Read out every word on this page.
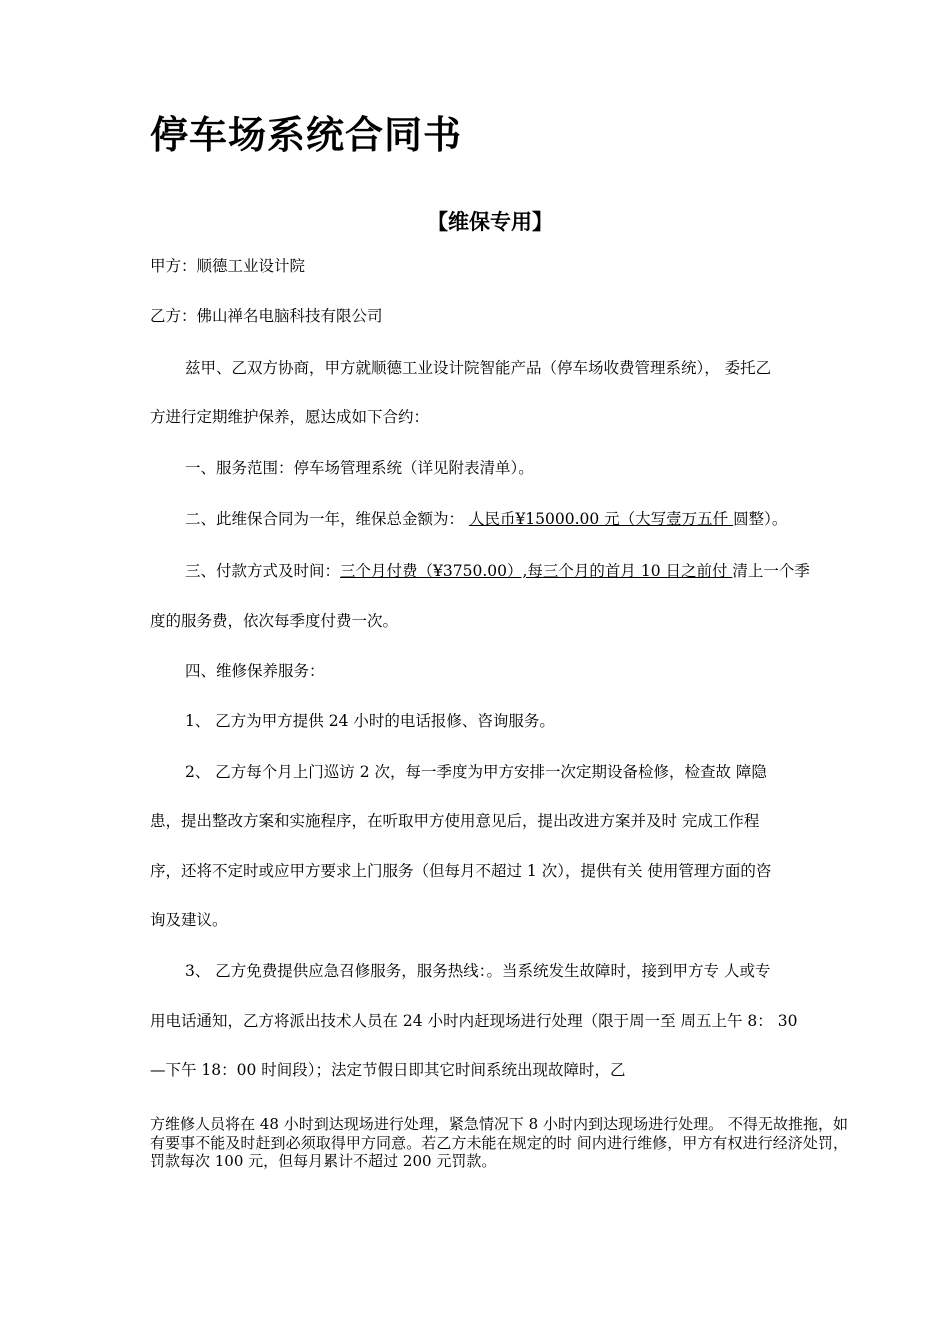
停车场系统合同书
【维保专用】

甲方：顺德工业设计院

乙方：佛山禅名电脑科技有限公司

兹甲、乙双方协商，甲方就顺德工业设计院智能产品（停车场收费管理系统）， 委托乙

方进行定期维护保养，愿达成如下合约：

一、服务范围：停车场管理系统（详见附表清单）。

二、此维保合同为一年，维保总金额为： 人民币¥15000.00 元（大写壹万五仟 圆整）。

三、付款方式及时间：三个月付费（¥3750.00）,每三个月的首月 10 日之前付 清上一个季

度的服务费，依次每季度付费一次。

四、维修保养服务：

1、 乙方为甲方提供 24 小时的电话报修、咨询服务。

2、 乙方每个月上门巡访 2 次，每一季度为甲方安排一次定期设备检修，检查故 障隐

患，提出整改方案和实施程序，在听取甲方使用意见后，提出改进方案并及时 完成工作程

序，还将不定时或应甲方要求上门服务（但每月不超过 1 次），提供有关 使用管理方面的咨

询及建议。

3、 乙方免费提供应急召修服务，服务热线：。当系统发生故障时，接到甲方专 人或专

用电话通知，乙方将派出技术人员在 24 小时内赶现场进行处理（限于周一至 周五上午 8： 30

—下午 18：00 时间段）；法定节假日即其它时间系统出现故障时，乙

方维修人员将在 48 小时到达现场进行处理，紧急情况下 8 小时内到达现场进行处理。 不得无故推拖，如有要事不能及时赶到必须取得甲方同意。若乙方未能在规定的时 间内进行维修，甲方有权进行经济处罚，罚款每次 100 元，但每月累计不超过 200 元罚款。
